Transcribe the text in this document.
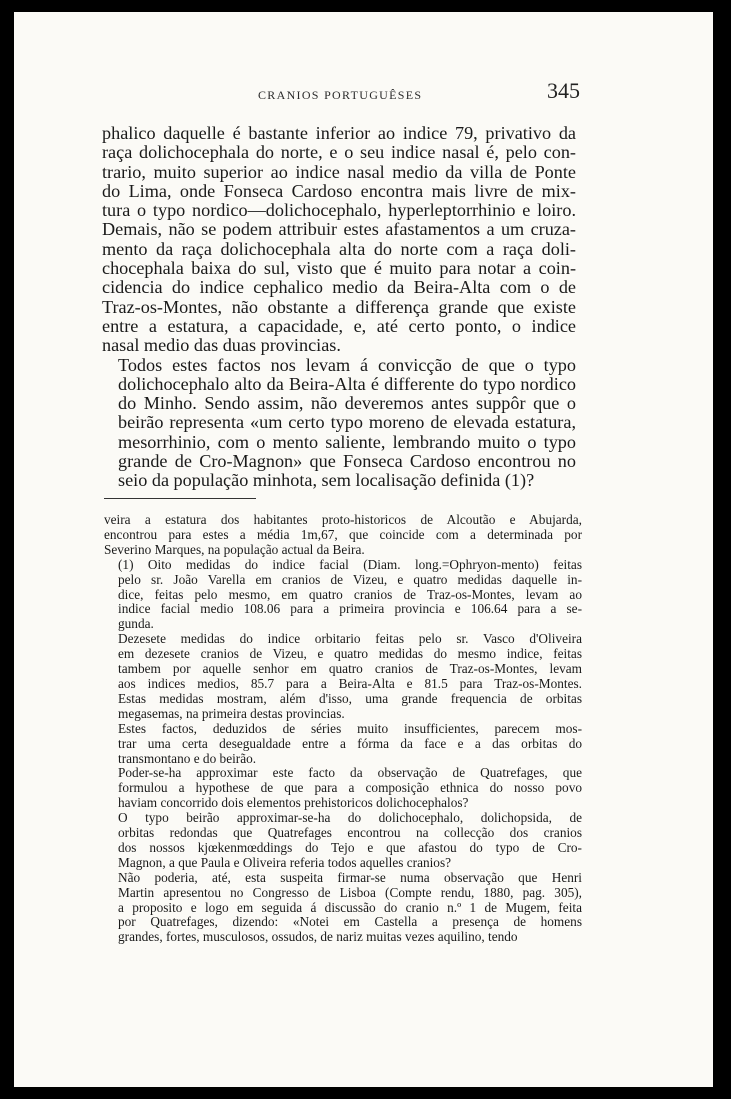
CRANIOS PORTUGUÊSES	345

phalico daquelle é bastante inferior ao indice 79, privativo da
raça dolichocephala do norte, e o seu indice nasal é, pelo con-
trario, muito superior ao indice nasal medio da villa de Ponte
do Lima, onde Fonseca Cardoso encontra mais livre de mix-
tura o typo nordico—dolichocephalo, hyperleptorrhinio e loiro.
Demais, não se podem attribuir estes afastamentos a um cruza-
mento da raça dolichocephala alta do norte com a raça doli-
chocephala baixa do sul, visto que é muito para notar a coin-
cidencia do indice cephalico medio da Beira-Alta com o de
Traz-os-Montes, não obstante a differença grande que existe
entre a estatura, a capacidade, e, até certo ponto, o indice
nasal medio das duas provincias.

Todos estes factos nos levam á convicção de que o typo
dolichocephalo alto da Beira-Alta é differente do typo nordico
do Minho. Sendo assim, não deveremos antes suppôr que o
beirão representa «um certo typo moreno de elevada estatura,
mesorrhinio, com o mento saliente, lembrando muito o typo
grande de Cro-Magnon» que Fonseca Cardoso encontrou no
seio da população minhota, sem localisação definida (1)?

veira a estatura dos habitantes proto-historicos de Alcoutão e Abujarda,
encontrou para estes a média 1m,67, que coincide com a determinada por
Severino Marques, na população actual da Beira.

(1) Oito medidas do indice facial (Diam. long.=Ophryon-mento) feitas
pelo sr. João Varella em cranios de Vizeu, e quatro medidas daquelle in-
dice, feitas pelo mesmo, em quatro cranios de Traz-os-Montes, levam ao
indice facial medio 108.06 para a primeira provincia e 106.64 para a se-
gunda.

Dezesete medidas do indice orbitario feitas pelo sr. Vasco d'Oliveira
em dezesete cranios de Vizeu, e quatro medidas do mesmo indice, feitas
tambem por aquelle senhor em quatro cranios de Traz-os-Montes, levam
aos indices medios, 85.7 para a Beira-Alta e 81.5 para Traz-os-Montes.
Estas medidas mostram, além d'isso, uma grande frequencia de orbitas
megasemas, na primeira destas provincias.

Estes factos, deduzidos de séries muito insufficientes, parecem mos-
trar uma certa desegualdade entre a fórma da face e a das orbitas do
transmontano e do beirão.

Poder-se-ha approximar este facto da observação de Quatrefages, que
formulou a hypothese de que para a composição ethnica do nosso povo
haviam concorrido dois elementos prehistoricos dolichocephalos?

O typo beirão approximar-se-ha do dolichocephalo, dolichopsida, de
orbitas redondas que Quatrefages encontrou na collecção dos cranios
dos nossos kjœkenmœddings do Tejo e que afastou do typo de Cro-
Magnon, a que Paula e Oliveira referia todos aquelles cranios?

Não poderia, até, esta suspeita firmar-se numa observação que Henri
Martin apresentou no Congresso de Lisboa (Compte rendu, 1880, pag. 305),
a proposito e logo em seguida á discussão do cranio n.º 1 de Mugem, feita
por Quatrefages, dizendo: «Notei em Castella a presença de homens
grandes, fortes, musculosos, ossudos, de nariz muitas vezes aquilino, tendo
